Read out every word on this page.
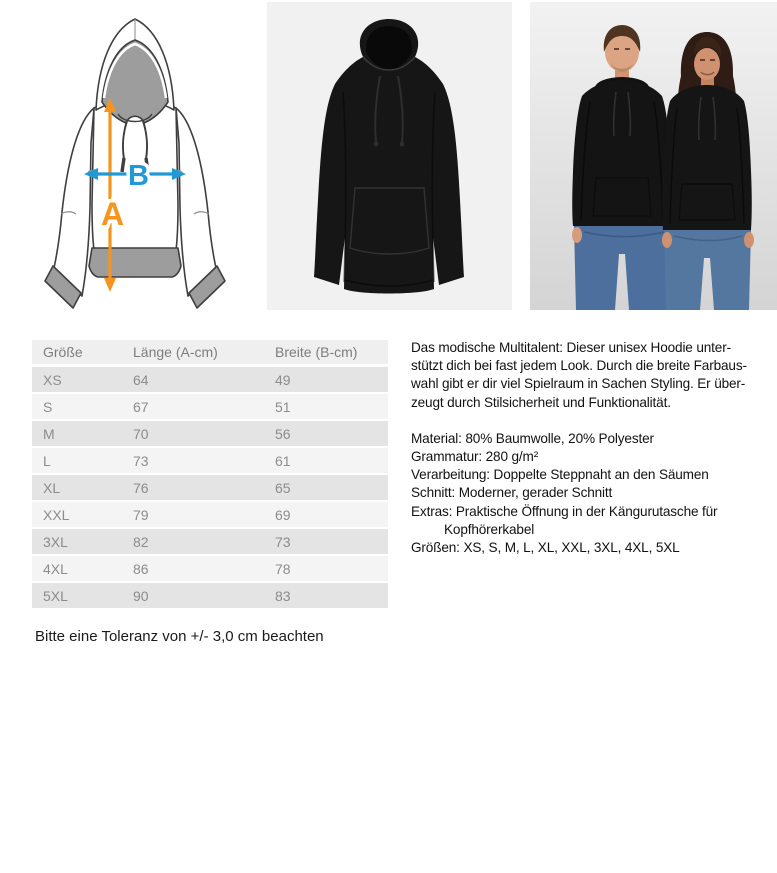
A
B
Größe	Länge (A-cm)	Breite (B-cm)
XS	64	49
S	67	51
M	70	56
L	73	61
XL	76	65
XXL	79	69
3XL	82	73
4XL	86	78
5XL	90	83
Bitte eine Toleranz von +/- 3,0 cm beachten
Das modische Multitalent: Dieser unisex Hoodie unter-
stützt dich bei fast jedem Look. Durch die breite Farbaus-
wahl gibt er dir viel Spielraum in Sachen Styling. Er über-
zeugt durch Stilsicherheit und Funktionalität.
Material: 80% Baumwolle, 20% Polyester
Grammatur: 280 g/m²
Verarbeitung: Doppelte Steppnaht an den Säumen
Schnitt: Moderner, gerader Schnitt
Extras: Praktische Öffnung in der Kängurutasche für
Kopfhörerkabel
Größen: XS, S, M, L, XL, XXL, 3XL, 4XL, 5XL
